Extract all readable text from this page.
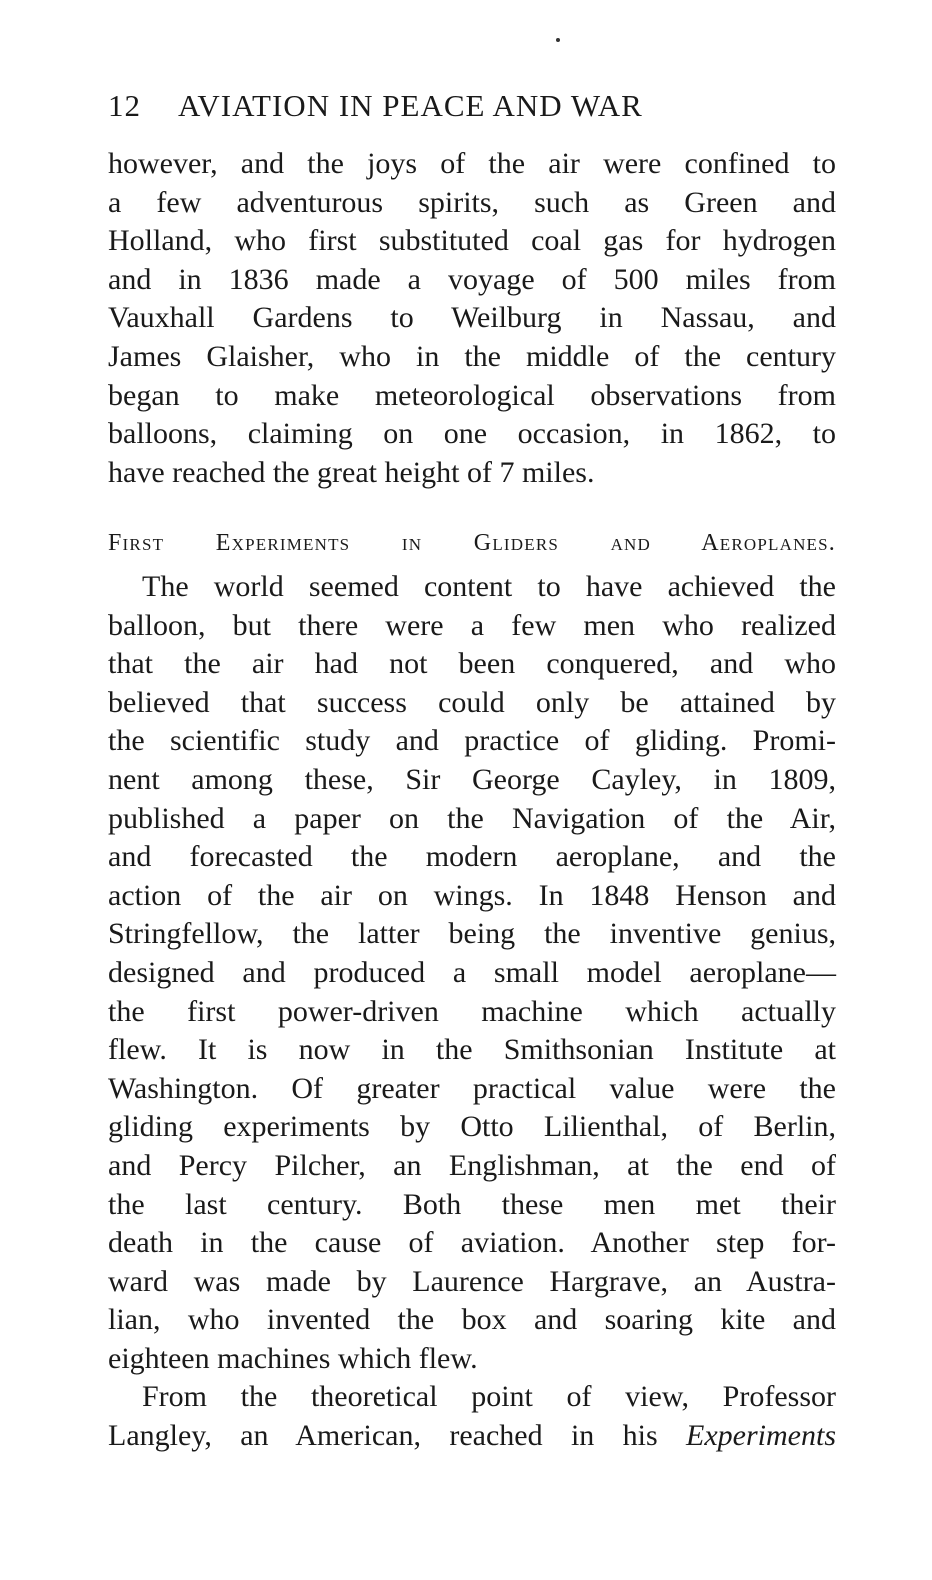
12 AVIATION IN PEACE AND WAR
however, and the joys of the air were confined to
a few adventurous spirits, such as Green and
Holland, who first substituted coal gas for hydrogen
and in 1836 made a voyage of 500 miles from
Vauxhall Gardens to Weilburg in Nassau, and
James Glaisher, who in the middle of the century
began to make meteorological observations from
balloons, claiming on one occasion, in 1862, to
have reached the great height of 7 miles.
First Experiments in Gliders and Aeroplanes.
The world seemed content to have achieved the
balloon, but there were a few men who realized
that the air had not been conquered, and who
believed that success could only be attained by
the scientific study and practice of gliding. Promi-
nent among these, Sir George Cayley, in 1809,
published a paper on the Navigation of the Air,
and forecasted the modern aeroplane, and the
action of the air on wings. In 1848 Henson and
Stringfellow, the latter being the inventive genius,
designed and produced a small model aeroplane—
the first power-driven machine which actually
flew. It is now in the Smithsonian Institute at
Washington. Of greater practical value were the
gliding experiments by Otto Lilienthal, of Berlin,
and Percy Pilcher, an Englishman, at the end of
the last century. Both these men met their
death in the cause of aviation. Another step for-
ward was made by Laurence Hargrave, an Austra-
lian, who invented the box and soaring kite and
eighteen machines which flew.
From the theoretical point of view, Professor
Langley, an American, reached in his Experiments
